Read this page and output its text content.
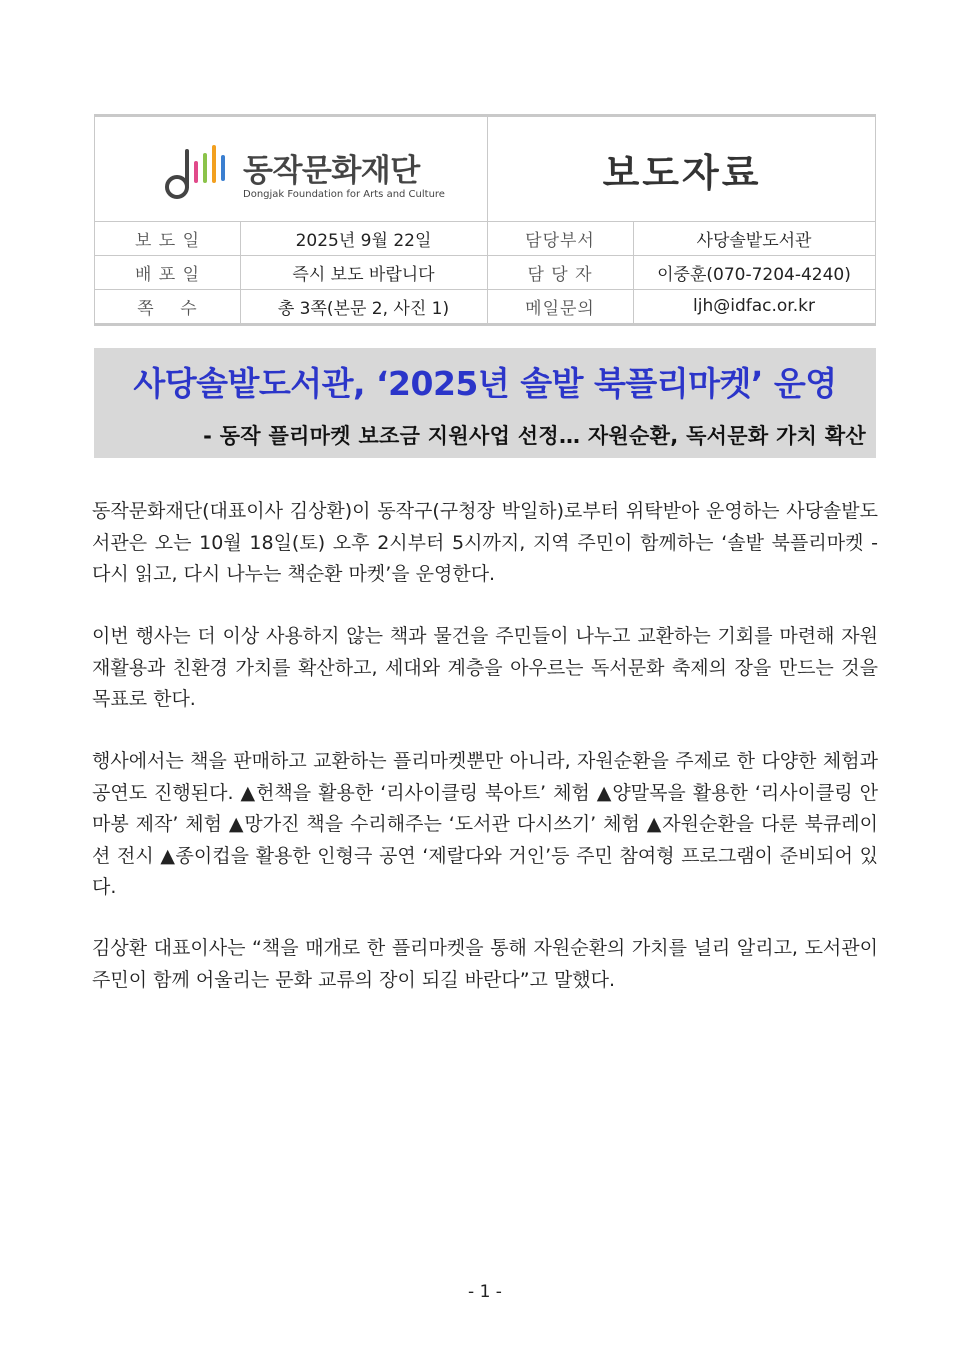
동작문화재단
Dongjak Foundation for Arts and Culture	보도자료
보 도 일	2025년 9월 22일	담당부서	사당솔밭도서관
배 포 일	즉시 보도 바랍니다	담 당 자	이중훈(070-7204-4240)
쪽    수	총 3쪽(본문 2, 사진 1)	메일문의	ljh@idfac.or.kr
사당솔밭도서관, ‘2025년 솔밭 북플리마켓’ 운영
- 동작 플리마켓 보조금 지원사업 선정… 자원순환, 독서문화 가치 확산
동작문화재단(대표이사 김상환)이 동작구(구청장 박일하)로부터 위탁받아 운영하는 사당솔밭도서관은 오는 10월 18일(토) 오후 2시부터 5시까지, 지역 주민이 함께하는 ‘솔밭 북플리마켓 - 다시 읽고, 다시 나누는 책순환 마켓’을 운영한다.
이번 행사는 더 이상 사용하지 않는 책과 물건을 주민들이 나누고 교환하는 기회를 마련해 자원 재활용과 친환경 가치를 확산하고, 세대와 계층을 아우르는 독서문화 축제의 장을 만드는 것을 목표로 한다.
행사에서는 책을 판매하고 교환하는 플리마켓뿐만 아니라, 자원순환을 주제로 한 다양한 체험과 공연도 진행된다. ▲헌책을 활용한 ‘리사이클링 북아트’ 체험 ▲양말목을 활용한 ‘리사이클링 안마봉 제작’ 체험 ▲망가진 책을 수리해주는 ‘도서관 다시쓰기’ 체험 ▲자원순환을 다룬 북큐레이션 전시 ▲종이컵을 활용한 인형극 공연 ‘제랄다와 거인’등 주민 참여형 프로그램이 준비되어 있다.
김상환 대표이사는 “책을 매개로 한 플리마켓을 통해 자원순환의 가치를 널리 알리고, 도서관이 주민이 함께 어울리는 문화 교류의 장이 되길 바란다”고 말했다.
- 1 -
